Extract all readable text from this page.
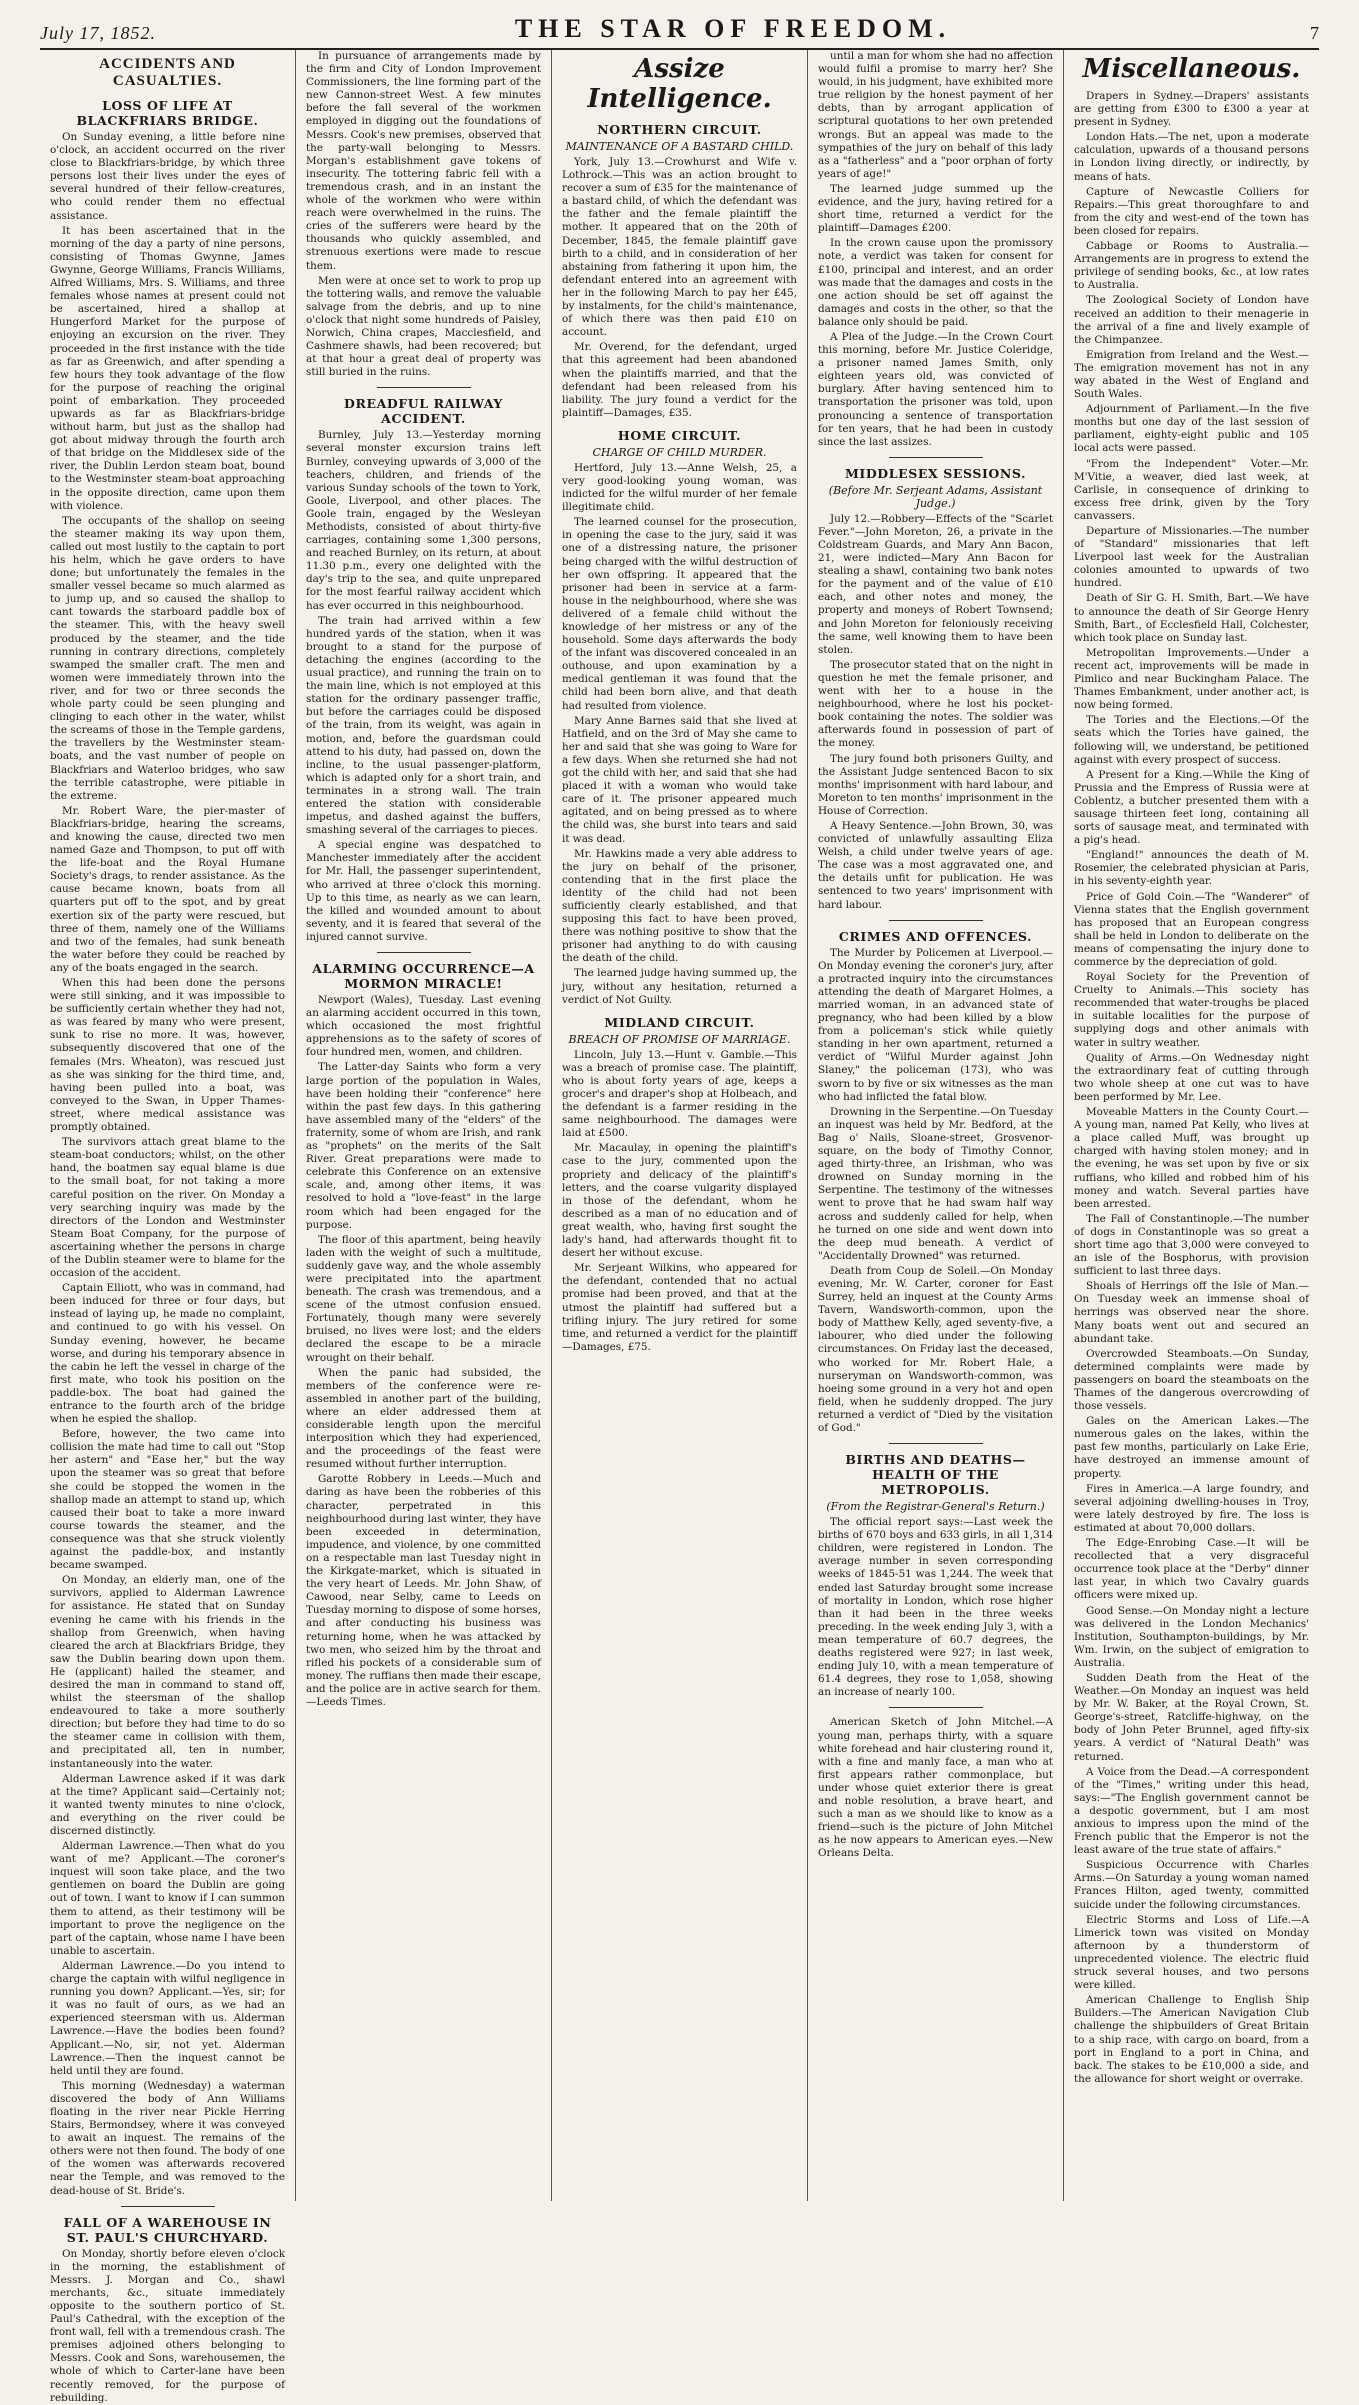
July 17, 1852.	THE STAR OF FREEDOM.	7
ACCIDENTS AND CASUALTIES.
LOSS OF LIFE AT BLACKFRIARS BRIDGE.

On Sunday evening, a little before nine o'clock, an accident occurred on the river close to Blackfriars-bridge, by which three persons lost their lives under the eyes of several hundred of their fellow-creatures, who could render them no effectual assistance.

It has been ascertained that in the morning of the day a party of nine persons, consisting of Thomas Gwynne, James Gwynne, George Williams, Francis Williams, Alfred Williams, Mrs. S. Williams, and three females whose names at present could not be ascertained, hired a shallop at Hungerford Market for the purpose of enjoying an excursion on the river. They proceeded in the first instance with the tide as far as Greenwich, and after spending a few hours they took advantage of the flow for the purpose of reaching the original point of embarkation. They proceeded upwards as far as Blackfriars-bridge without harm, but just as the shallop had got about midway through the fourth arch of that bridge on the Middlesex side of the river, the Dublin Lerdon steam boat, bound to the Westminster steam-boat approaching in the opposite direction, came upon them with violence.

The occupants of the shallop on seeing the steamer making its way upon them, called out most lustily to the captain to port his helm, which he gave orders to have done; but unfortunately the females in the smaller vessel became so much alarmed as to jump up, and so caused the shallop to cant towards the starboard paddle box of the steamer. This, with the heavy swell produced by the steamer, and the tide running in contrary directions, completely swamped the smaller craft. The men and women were immediately thrown into the river, and for two or three seconds the whole party could be seen plunging and clinging to each other in the water, whilst the screams of those in the Temple gardens, the travellers by the Westminster steam-boats, and the vast number of people on Blackfriars and Waterloo bridges, who saw the terrible catastrophe, were pitiable in the extreme.

Mr. Robert Ware, the pier-master of Blackfriars-bridge, hearing the screams, and knowing the cause, directed two men named Gaze and Thompson, to put off with the life-boat and the Royal Humane Society's drags, to render assistance. As the cause became known, boats from all quarters put off to the spot, and by great exertion six of the party were rescued, but three of them, namely one of the Williams and two of the females, had sunk beneath the water before they could be reached by any of the boats engaged in the search.

When this had been done the persons were still sinking, and it was impossible to be sufficiently certain whether they had not, as was feared by many who were present, sunk to rise no more. It was, however, subsequently discovered that one of the females (Mrs. Wheaton), was rescued just as she was sinking for the third time, and, having been pulled into a boat, was conveyed to the Swan, in Upper Thames-street, where medical assistance was promptly obtained.

The survivors attach great blame to the steam-boat conductors; whilst, on the other hand, the boatmen say equal blame is due to the small boat, for not taking a more careful position on the river. On Monday a very searching inquiry was made by the directors of the London and Westminster Steam Boat Company, for the purpose of ascertaining whether the persons in charge of the Dublin steamer were to blame for the occasion of the accident.

Captain Elliott, who was in command, had been induced for three or four days, but instead of laying up, he made no complaint, and continued to go with his vessel. On Sunday evening, however, he became worse, and during his temporary absence in the cabin he left the vessel in charge of the first mate, who took his position on the paddle-box. The boat had gained the entrance to the fourth arch of the bridge when he espied the shallop.

Before, however, the two came into collision the mate had time to call out "Stop her astern" and "Ease her," but the way upon the steamer was so great that before she could be stopped the women in the shallop made an attempt to stand up, which caused their boat to take a more inward course towards the steamer, and the consequence was that she struck violently against the paddle-box, and instantly became swamped.

On Monday, an elderly man, one of the survivors, applied to Alderman Lawrence for assistance. He stated that on Sunday evening he came with his friends in the shallop from Greenwich, when having cleared the arch at Blackfriars Bridge, they saw the Dublin bearing down upon them. He (applicant) hailed the steamer, and desired the man in command to stand off, whilst the steersman of the shallop endeavoured to take a more southerly direction; but before they had time to do so the steamer came in collision with them, and precipitated all, ten in number, instantaneously into the water.

Alderman Lawrence asked if it was dark at the time? Applicant said—Certainly not; it wanted twenty minutes to nine o'clock, and everything on the river could be discerned distinctly.

Alderman Lawrence.—Then what do you want of me? Applicant.—The coroner's inquest will soon take place, and the two gentlemen on board the Dublin are going out of town. I want to know if I can summon them to attend, as their testimony will be important to prove the negligence on the part of the captain, whose name I have been unable to ascertain.

Alderman Lawrence.—Do you intend to charge the captain with wilful negligence in running you down? Applicant.—Yes, sir; for it was no fault of ours, as we had an experienced steersman with us. Alderman Lawrence.—Have the bodies been found? Applicant.—No, sir, not yet. Alderman Lawrence.—Then the inquest cannot be held until they are found.

This morning (Wednesday) a waterman discovered the body of Ann Williams floating in the river near Pickle Herring Stairs, Bermondsey, where it was conveyed to await an inquest. The remains of the others were not then found. The body of one of the women was afterwards recovered near the Temple, and was removed to the dead-house of St. Bride's.

FALL OF A WAREHOUSE IN ST. PAUL'S CHURCHYARD.

On Monday, shortly before eleven o'clock in the morning, the establishment of Messrs. J. Morgan and Co., shawl merchants, &c., situate immediately opposite to the southern portico of St. Paul's Cathedral, with the exception of the front wall, fell with a tremendous crash. The premises adjoined others belonging to Messrs. Cook and Sons, warehousemen, the whole of which to Carter-lane have been recently removed, for the purpose of rebuilding.

In pursuance of arrangements made by the firm and City of London Improvement Commissioners, the line forming part of the new Cannon-street West. A few minutes before the fall several of the workmen employed in digging out the foundations of Messrs. Cook's new premises, observed that the party-wall belonging to Messrs. Morgan's establishment gave tokens of insecurity. The tottering fabric fell with a tremendous crash, and in an instant the whole of the workmen who were within reach were overwhelmed in the ruins. The cries of the sufferers were heard by the thousands who quickly assembled, and strenuous exertions were made to rescue them.

Men were at once set to work to prop up the tottering walls, and remove the valuable salvage from the debris, and up to nine o'clock that night some hundreds of Paisley, Norwich, China crapes, Macclesfield, and Cashmere shawls, had been recovered; but at that hour a great deal of property was still buried in the ruins.

DREADFUL RAILWAY ACCIDENT.

Burnley, July 13.—Yesterday morning several monster excursion trains left Burnley, conveying upwards of 3,000 of the teachers, children, and friends of the various Sunday schools of the town to York, Goole, Liverpool, and other places. The Goole train, engaged by the Wesleyan Methodists, consisted of about thirty-five carriages, containing some 1,300 persons, and reached Burnley, on its return, at about 11.30 p.m., every one delighted with the day's trip to the sea, and quite unprepared for the most fearful railway accident which has ever occurred in this neighbourhood.

The train had arrived within a few hundred yards of the station, when it was brought to a stand for the purpose of detaching the engines (according to the usual practice), and running the train on to the main line, which is not employed at this station for the ordinary passenger traffic, but before the carriages could be disposed of the train, from its weight, was again in motion, and, before the guardsman could attend to his duty, had passed on, down the incline, to the usual passenger-platform, which is adapted only for a short train, and terminates in a strong wall. The train entered the station with considerable impetus, and dashed against the buffers, smashing several of the carriages to pieces.

A special engine was despatched to Manchester immediately after the accident for Mr. Hall, the passenger superintendent, who arrived at three o'clock this morning. Up to this time, as nearly as we can learn, the killed and wounded amount to about seventy, and it is feared that several of the injured cannot survive.

ALARMING OCCURRENCE—A MORMON MIRACLE!

Newport (Wales), Tuesday. Last evening an alarming accident occurred in this town, which occasioned the most frightful apprehensions as to the safety of scores of four hundred men, women, and children.

The Latter-day Saints who form a very large portion of the population in Wales, have been holding their "conference" here within the past few days. In this gathering have assembled many of the "elders" of the fraternity, some of whom are Irish, and rank as "prophets" on the merits of the Salt River. Great preparations were made to celebrate this Conference on an extensive scale, and, among other items, it was resolved to hold a "love-feast" in the large room which had been engaged for the purpose.

The floor of this apartment, being heavily laden with the weight of such a multitude, suddenly gave way, and the whole assembly were precipitated into the apartment beneath. The crash was tremendous, and a scene of the utmost confusion ensued. Fortunately, though many were severely bruised, no lives were lost; and the elders declared the escape to be a miracle wrought on their behalf.

When the panic had subsided, the members of the conference were re-assembled in another part of the building, where an elder addressed them at considerable length upon the merciful interposition which they had experienced, and the proceedings of the feast were resumed without further interruption.

Garotte Robbery in Leeds.—Much and daring as have been the robberies of this character, perpetrated in this neighbourhood during last winter, they have been exceeded in determination, impudence, and violence, by one committed on a respectable man last Tuesday night in the Kirkgate-market, which is situated in the very heart of Leeds. Mr. John Shaw, of Cawood, near Selby, came to Leeds on Tuesday morning to dispose of some horses, and after conducting his business was returning home, when he was attacked by two men, who seized him by the throat and rifled his pockets of a considerable sum of money. The ruffians then made their escape, and the police are in active search for them.—Leeds Times.

Assize Intelligence.
NORTHERN CIRCUIT.
MAINTENANCE OF A BASTARD CHILD.

York, July 13.—Crowhurst and Wife v. Lothrock.—This was an action brought to recover a sum of £35 for the maintenance of a bastard child, of which the defendant was the father and the female plaintiff the mother. It appeared that on the 20th of December, 1845, the female plaintiff gave birth to a child, and in consideration of her abstaining from fathering it upon him, the defendant entered into an agreement with her in the following March to pay her £45, by instalments, for the child's maintenance, of which there was then paid £10 on account.

Mr. Overend, for the defendant, urged that this agreement had been abandoned when the plaintiffs married, and that the defendant had been released from his liability. The jury found a verdict for the plaintiff—Damages, £35.

HOME CIRCUIT.
CHARGE OF CHILD MURDER.

Hertford, July 13.—Anne Welsh, 25, a very good-looking young woman, was indicted for the wilful murder of her female illegitimate child.

The learned counsel for the prosecution, in opening the case to the jury, said it was one of a distressing nature, the prisoner being charged with the wilful destruction of her own offspring. It appeared that the prisoner had been in service at a farm-house in the neighbourhood, where she was delivered of a female child without the knowledge of her mistress or any of the household. Some days afterwards the body of the infant was discovered concealed in an outhouse, and upon examination by a medical gentleman it was found that the child had been born alive, and that death had resulted from violence.

Mary Anne Barnes said that she lived at Hatfield, and on the 3rd of May she came to her and said that she was going to Ware for a few days. When she returned she had not got the child with her, and said that she had placed it with a woman who would take care of it. The prisoner appeared much agitated, and on being pressed as to where the child was, she burst into tears and said it was dead.

Mr. Hawkins made a very able address to the jury on behalf of the prisoner, contending that in the first place the identity of the child had not been sufficiently clearly established, and that supposing this fact to have been proved, there was nothing positive to show that the prisoner had anything to do with causing the death of the child.

The learned judge having summed up, the jury, without any hesitation, returned a verdict of Not Guilty.

MIDLAND CIRCUIT.
BREACH OF PROMISE OF MARRIAGE.

Lincoln, July 13.—Hunt v. Gamble.—This was a breach of promise case. The plaintiff, who is about forty years of age, keeps a grocer's and draper's shop at Holbeach, and the defendant is a farmer residing in the same neighbourhood. The damages were laid at £500.

Mr. Macaulay, in opening the plaintiff's case to the jury, commented upon the propriety and delicacy of the plaintiff's letters, and the coarse vulgarity displayed in those of the defendant, whom he described as a man of no education and of great wealth, who, having first sought the lady's hand, had afterwards thought fit to desert her without excuse.

Mr. Serjeant Wilkins, who appeared for the defendant, contended that no actual promise had been proved, and that at the utmost the plaintiff had suffered but a trifling injury. The jury retired for some time, and returned a verdict for the plaintiff—Damages, £75.

until a man for whom she had no affection would fulfil a promise to marry her? She would, in his judgment, have exhibited more true religion by the honest payment of her debts, than by arrogant application of scriptural quotations to her own pretended wrongs. But an appeal was made to the sympathies of the jury on behalf of this lady as a "fatherless" and a "poor orphan of forty years of age!"

The learned judge summed up the evidence, and the jury, having retired for a short time, returned a verdict for the plaintiff—Damages £200.

In the crown cause upon the promissory note, a verdict was taken for consent for £100, principal and interest, and an order was made that the damages and costs in the one action should be set off against the damages and costs in the other, so that the balance only should be paid.

A Plea of the Judge.—In the Crown Court this morning, before Mr. Justice Coleridge, a prisoner named James Smith, only eighteen years old, was convicted of burglary. After having sentenced him to transportation the prisoner was told, upon pronouncing a sentence of transportation for ten years, that he had been in custody since the last assizes.

MIDDLESEX SESSIONS.
(Before Mr. Serjeant Adams, Assistant Judge.)

July 12.—Robbery—Effects of the "Scarlet Fever."—John Moreton, 26, a private in the Coldstream Guards, and Mary Ann Bacon, 21, were indicted—Mary Ann Bacon for stealing a shawl, containing two bank notes for the payment and of the value of £10 each, and other notes and money, the property and moneys of Robert Townsend; and John Moreton for feloniously receiving the same, well knowing them to have been stolen.

The prosecutor stated that on the night in question he met the female prisoner, and went with her to a house in the neighbourhood, where he lost his pocket-book containing the notes. The soldier was afterwards found in possession of part of the money.

The jury found both prisoners Guilty, and the Assistant Judge sentenced Bacon to six months' imprisonment with hard labour, and Moreton to ten months' imprisonment in the House of Correction.

A Heavy Sentence.—John Brown, 30, was convicted of unlawfully assaulting Eliza Welsh, a child under twelve years of age. The case was a most aggravated one, and the details unfit for publication. He was sentenced to two years' imprisonment with hard labour.

CRIMES AND OFFENCES.

The Murder by Policemen at Liverpool.—On Monday evening the coroner's jury, after a protracted inquiry into the circumstances attending the death of Margaret Holmes, a married woman, in an advanced state of pregnancy, who had been killed by a blow from a policeman's stick while quietly standing in her own apartment, returned a verdict of "Wilful Murder against John Slaney," the policeman (173), who was sworn to by five or six witnesses as the man who had inflicted the fatal blow.

Drowning in the Serpentine.—On Tuesday an inquest was held by Mr. Bedford, at the Bag o' Nails, Sloane-street, Grosvenor-square, on the body of Timothy Connor, aged thirty-three, an Irishman, who was drowned on Sunday morning in the Serpentine. The testimony of the witnesses went to prove that he had swam half way across and suddenly called for help, when he turned on one side and went down into the deep mud beneath. A verdict of "Accidentally Drowned" was returned.

Death from Coup de Soleil.—On Monday evening, Mr. W. Carter, coroner for East Surrey, held an inquest at the County Arms Tavern, Wandsworth-common, upon the body of Matthew Kelly, aged seventy-five, a labourer, who died under the following circumstances. On Friday last the deceased, who worked for Mr. Robert Hale, a nurseryman on Wandsworth-common, was hoeing some ground in a very hot and open field, when he suddenly dropped. The jury returned a verdict of "Died by the visitation of God."

BIRTHS AND DEATHS—HEALTH OF THE METROPOLIS.
(From the Registrar-General's Return.)

The official report says:—Last week the births of 670 boys and 633 girls, in all 1,314 children, were registered in London. The average number in seven corresponding weeks of 1845-51 was 1,244. The week that ended last Saturday brought some increase of mortality in London, which rose higher than it had been in the three weeks preceding. In the week ending July 3, with a mean temperature of 60.7 degrees, the deaths registered were 927; in last week, ending July 10, with a mean temperature of 61.4 degrees, they rose to 1,058, showing an increase of nearly 100.

American Sketch of John Mitchel.—A young man, perhaps thirty, with a square white forehead and hair clustering round it, with a fine and manly face, a man who at first appears rather commonplace, but under whose quiet exterior there is great and noble resolution, a brave heart, and such a man as we should like to know as a friend—such is the picture of John Mitchel as he now appears to American eyes.—New Orleans Delta.

Miscellaneous.

Drapers in Sydney.—Drapers' assistants are getting from £300 to £300 a year at present in Sydney.

London Hats.—The net, upon a moderate calculation, upwards of a thousand persons in London living directly, or indirectly, by means of hats.

Capture of Newcastle Colliers for Repairs.—This great thoroughfare to and from the city and west-end of the town has been closed for repairs.

Cabbage or Rooms to Australia.—Arrangements are in progress to extend the privilege of sending books, &c., at low rates to Australia.

The Zoological Society of London have received an addition to their menagerie in the arrival of a fine and lively example of the Chimpanzee.

Emigration from Ireland and the West.—The emigration movement has not in any way abated in the West of England and South Wales.

Adjournment of Parliament.—In the five months but one day of the last session of parliament, eighty-eight public and 105 local acts were passed.

"From the Independent" Voter.—Mr. M'Vitie, a weaver, died last week, at Carlisle, in consequence of drinking to excess free drink, given by the Tory canvassers.

Departure of Missionaries.—The number of "Standard" missionaries that left Liverpool last week for the Australian colonies amounted to upwards of two hundred.

Death of Sir G. H. Smith, Bart.—We have to announce the death of Sir George Henry Smith, Bart., of Ecclesfield Hall, Colchester, which took place on Sunday last.

Metropolitan Improvements.—Under a recent act, improvements will be made in Pimlico and near Buckingham Palace. The Thames Embankment, under another act, is now being formed.

The Tories and the Elections.—Of the seats which the Tories have gained, the following will, we understand, be petitioned against with every prospect of success.

A Present for a King.—While the King of Prussia and the Empress of Russia were at Coblentz, a butcher presented them with a sausage thirteen feet long, containing all sorts of sausage meat, and terminated with a pig's head.

"England!" announces the death of M. Rosemier, the celebrated physician at Paris, in his seventy-eighth year.

Price of Gold Coin.—The "Wanderer" of Vienna states that the English government has proposed that an European congress shall be held in London to deliberate on the means of compensating the injury done to commerce by the depreciation of gold.

Royal Society for the Prevention of Cruelty to Animals.—This society has recommended that water-troughs be placed in suitable localities for the purpose of supplying dogs and other animals with water in sultry weather.

Quality of Arms.—On Wednesday night the extraordinary feat of cutting through two whole sheep at one cut was to have been performed by Mr. Lee.

Moveable Matters in the County Court.—A young man, named Pat Kelly, who lives at a place called Muff, was brought up charged with having stolen money; and in the evening, he was set upon by five or six ruffians, who killed and robbed him of his money and watch. Several parties have been arrested.

The Fall of Constantinople.—The number of dogs in Constantinople was so great a short time ago that 3,000 were conveyed to an isle of the Bosphorus, with provision sufficient to last three days.

Shoals of Herrings off the Isle of Man.—On Tuesday week an immense shoal of herrings was observed near the shore. Many boats went out and secured an abundant take.

Overcrowded Steamboats.—On Sunday, determined complaints were made by passengers on board the steamboats on the Thames of the dangerous overcrowding of those vessels.

Gales on the American Lakes.—The numerous gales on the lakes, within the past few months, particularly on Lake Erie, have destroyed an immense amount of property.

Fires in America.—A large foundry, and several adjoining dwelling-houses in Troy, were lately destroyed by fire. The loss is estimated at about 70,000 dollars.

The Edge-Enrobing Case.—It will be recollected that a very disgraceful occurrence took place at the "Derby" dinner last year, in which two Cavalry guards officers were mixed up.

Good Sense.—On Monday night a lecture was delivered in the London Mechanics' Institution, Southampton-buildings, by Mr. Wm. Irwin, on the subject of emigration to Australia.

Sudden Death from the Heat of the Weather.—On Monday an inquest was held by Mr. W. Baker, at the Royal Crown, St. George's-street, Ratcliffe-highway, on the body of John Peter Brunnel, aged fifty-six years. A verdict of "Natural Death" was returned.

A Voice from the Dead.—A correspondent of the "Times," writing under this head, says:—"The English government cannot be a despotic government, but I am most anxious to impress upon the mind of the French public that the Emperor is not the least aware of the true state of affairs."

Suspicious Occurrence with Charles Arms.—On Saturday a young woman named Frances Hilton, aged twenty, committed suicide under the following circumstances.

Electric Storms and Loss of Life.—A Limerick town was visited on Monday afternoon by a thunderstorm of unprecedented violence. The electric fluid struck several houses, and two persons were killed.

American Challenge to English Ship Builders.—The American Navigation Club challenge the shipbuilders of Great Britain to a ship race, with cargo on board, from a port in England to a port in China, and back. The stakes to be £10,000 a side, and the allowance for short weight or overrake.
